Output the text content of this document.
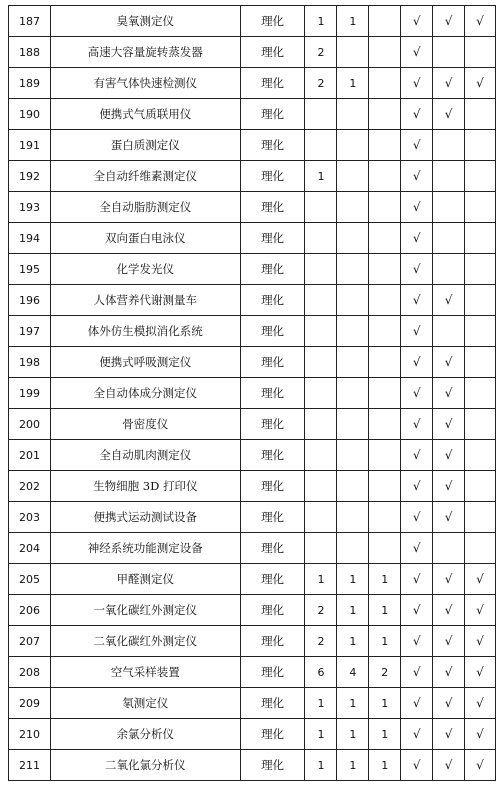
187	臭氧测定仪	理化	1	1		√	√	√
188	高速大容量旋转蒸发器	理化	2			√		
189	有害气体快速检测仪	理化	2	1		√	√	√
190	便携式气质联用仪	理化				√	√	
191	蛋白质测定仪	理化				√		
192	全自动纤维素测定仪	理化	1			√		
193	全自动脂肪测定仪	理化				√		
194	双向蛋白电泳仪	理化				√		
195	化学发光仪	理化				√		
196	人体营养代谢测量车	理化				√	√	
197	体外仿生模拟消化系统	理化				√		
198	便携式呼吸测定仪	理化				√	√	
199	全自动体成分测定仪	理化				√	√	
200	骨密度仪	理化				√	√	
201	全自动肌肉测定仪	理化				√	√	
202	生物细胞 3D 打印仪	理化				√	√	
203	便携式运动测试设备	理化				√	√	
204	神经系统功能测定设备	理化				√		
205	甲醛测定仪	理化	1	1	1	√	√	√
206	一氧化碳红外测定仪	理化	2	1	1	√	√	√
207	二氧化碳红外测定仪	理化	2	1	1	√	√	√
208	空气采样装置	理化	6	4	2	√	√	√
209	氡测定仪	理化	1	1	1	√	√	√
210	余氯分析仪	理化	1	1	1	√	√	√
211	二氧化氯分析仪	理化	1	1	1	√	√	√
